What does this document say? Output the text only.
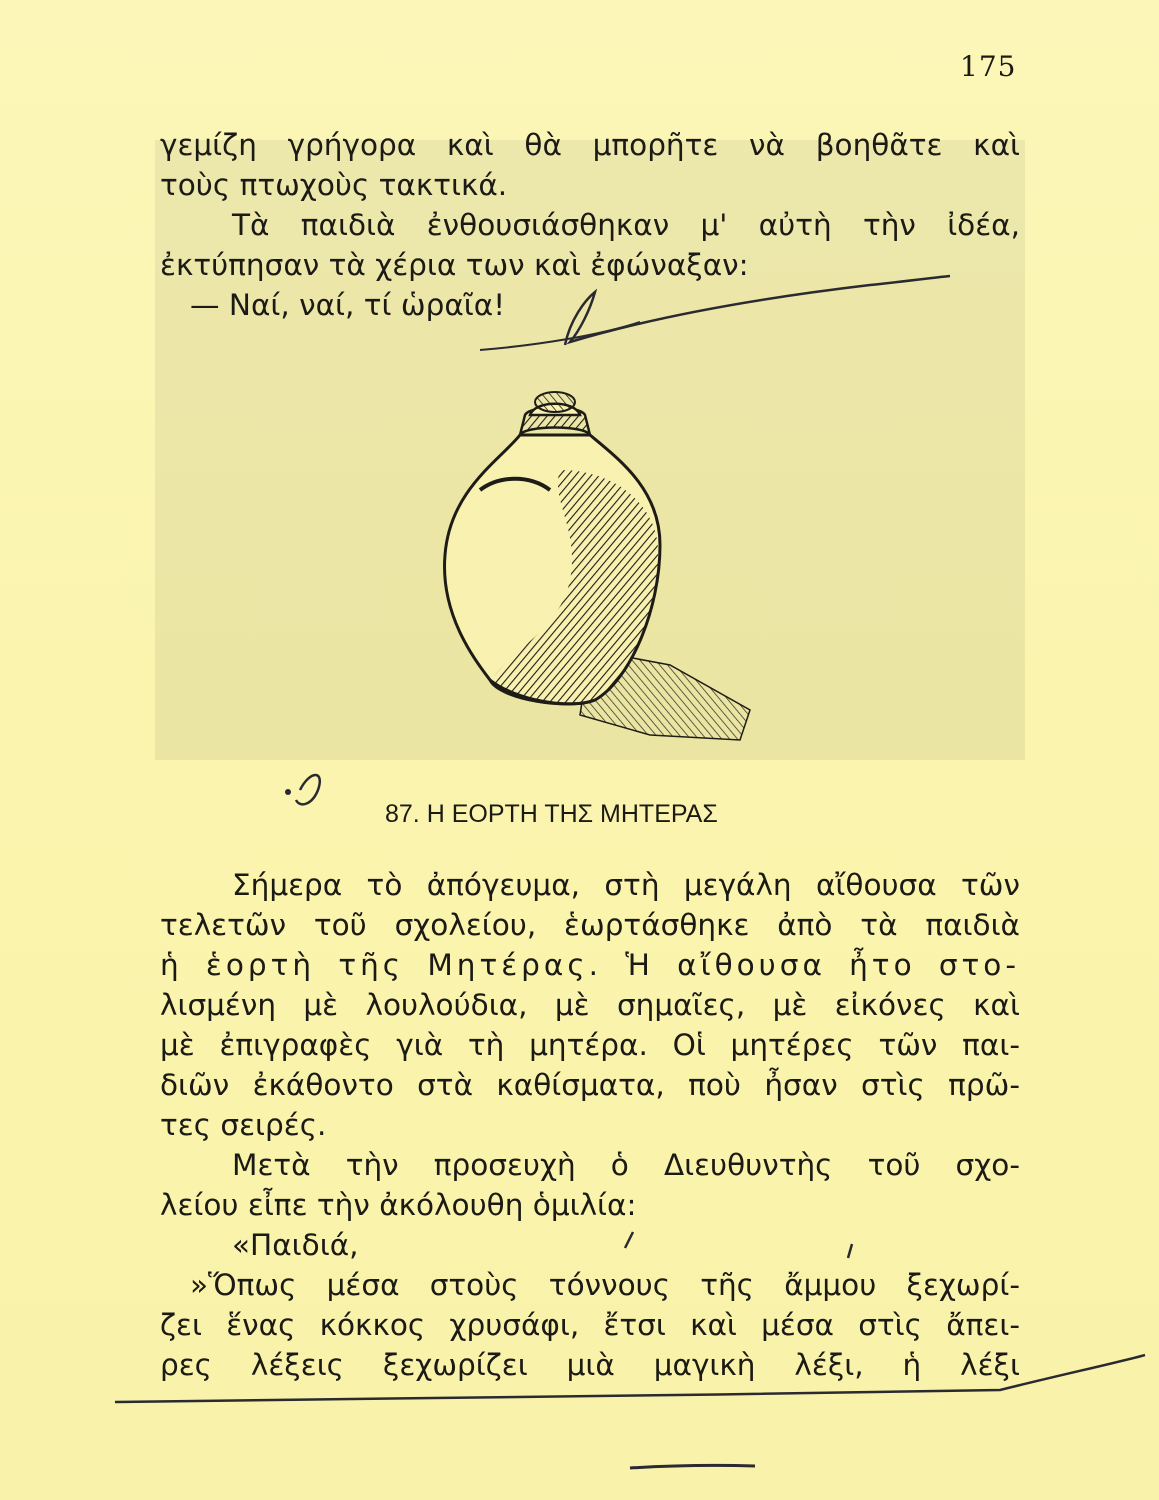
175
γεμίζη γρήγορα καὶ θὰ μπορῆτε νὰ βοηθᾶτε καὶ
τοὺς πτωχοὺς τακτικά.
Τὰ παιδιὰ ἐνθουσιάσθηκαν μ' αὐτὴ τὴν ἰδέα,
ἐκτύπησαν τὰ χέρια των καὶ ἐφώναξαν:
— Ναί, ναί, τί ὡραῖα!
87. Η ΕΟΡΤΗ ΤΗΣ ΜΗΤΕΡΑΣ
Σήμερα τὸ ἀπόγευμα, στὴ μεγάλη αἴθουσα τῶν
τελετῶν τοῦ σχολείου, ἑωρτάσθηκε ἀπὸ τὰ παιδιὰ
ἡ ἑορτὴ τῆς Μητέρας. Ἡ αἴθουσα ἦτο στο-
λισμένη μὲ λουλούδια, μὲ σημαῖες, μὲ εἰκόνες καὶ
μὲ ἐπιγραφὲς γιὰ τὴ μητέρα. Οἱ μητέρες τῶν παι-
διῶν ἐκάθοντο στὰ καθίσματα, ποὺ ἦσαν στὶς πρῶ-
τες σειρές.
Μετὰ τὴν προσευχὴ ὁ Διευθυντὴς τοῦ σχο-
λείου εἶπε τὴν ἀκόλουθη ὁμιλία:
«Παιδιά,
»Ὅπως μέσα στοὺς τόννους τῆς ἄμμου ξεχωρί-
ζει ἕνας κόκκος χρυσάφι, ἔτσι καὶ μέσα στὶς ἄπει-
ρες λέξεις ξεχωρίζει μιὰ μαγικὴ λέξι, ἡ λέξι
